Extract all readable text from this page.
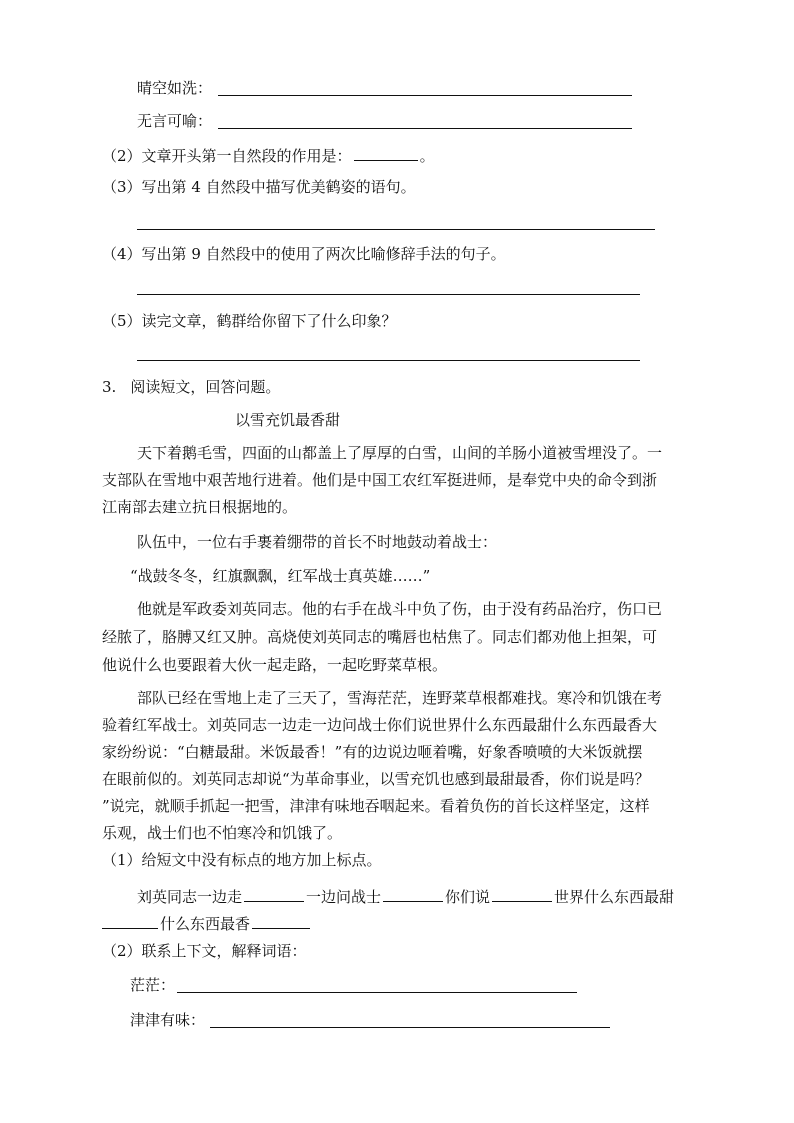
晴空如洗：
无言可喻：
（2）文章开头第一自然段的作用是：	。
（3）写出第 4 自然段中描写优美鹤姿的语句。
（4）写出第 9 自然段中的使用了两次比喻修辞手法的句子。
（5）读完文章，鹤群给你留下了什么印象？
3. 阅读短文，回答问题。
以雪充饥最香甜
天下着鹅毛雪，四面的山都盖上了厚厚的白雪，山间的羊肠小道被雪埋没了。一
支部队在雪地中艰苦地行进着。他们是中国工农红军挺进师，是奉党中央的命令到浙
江南部去建立抗日根据地的。
队伍中，一位右手裹着绷带的首长不时地鼓动着战士：
“战鼓冬冬，红旗飘飘，红军战士真英雄……”
他就是军政委刘英同志。他的右手在战斗中负了伤，由于没有药品治疗，伤口已
经脓了，胳膊又红又肿。高烧使刘英同志的嘴唇也枯焦了。同志们都劝他上担架，可
他说什么也要跟着大伙一起走路，一起吃野菜草根。
部队已经在雪地上走了三天了，雪海茫茫，连野菜草根都难找。寒冷和饥饿在考
验着红军战士。刘英同志一边走一边问战士你们说世界什么东西最甜什么东西最香大
家纷纷说：“白糖最甜。米饭最香！”有的边说边咂着嘴，好象香喷喷的大米饭就摆
在眼前似的。刘英同志却说“为革命事业，以雪充饥也感到最甜最香，你们说是吗？
”说完，就顺手抓起一把雪，津津有味地吞咽起来。看着负伤的首长这样坚定，这样
乐观，战士们也不怕寒冷和饥饿了。
（1）给短文中没有标点的地方加上标点。
刘英同志一边走	一边问战士	你们说	世界什么东西最甜
什么东西最香
（2）联系上下文，解释词语：
茫茫：
津津有味：
